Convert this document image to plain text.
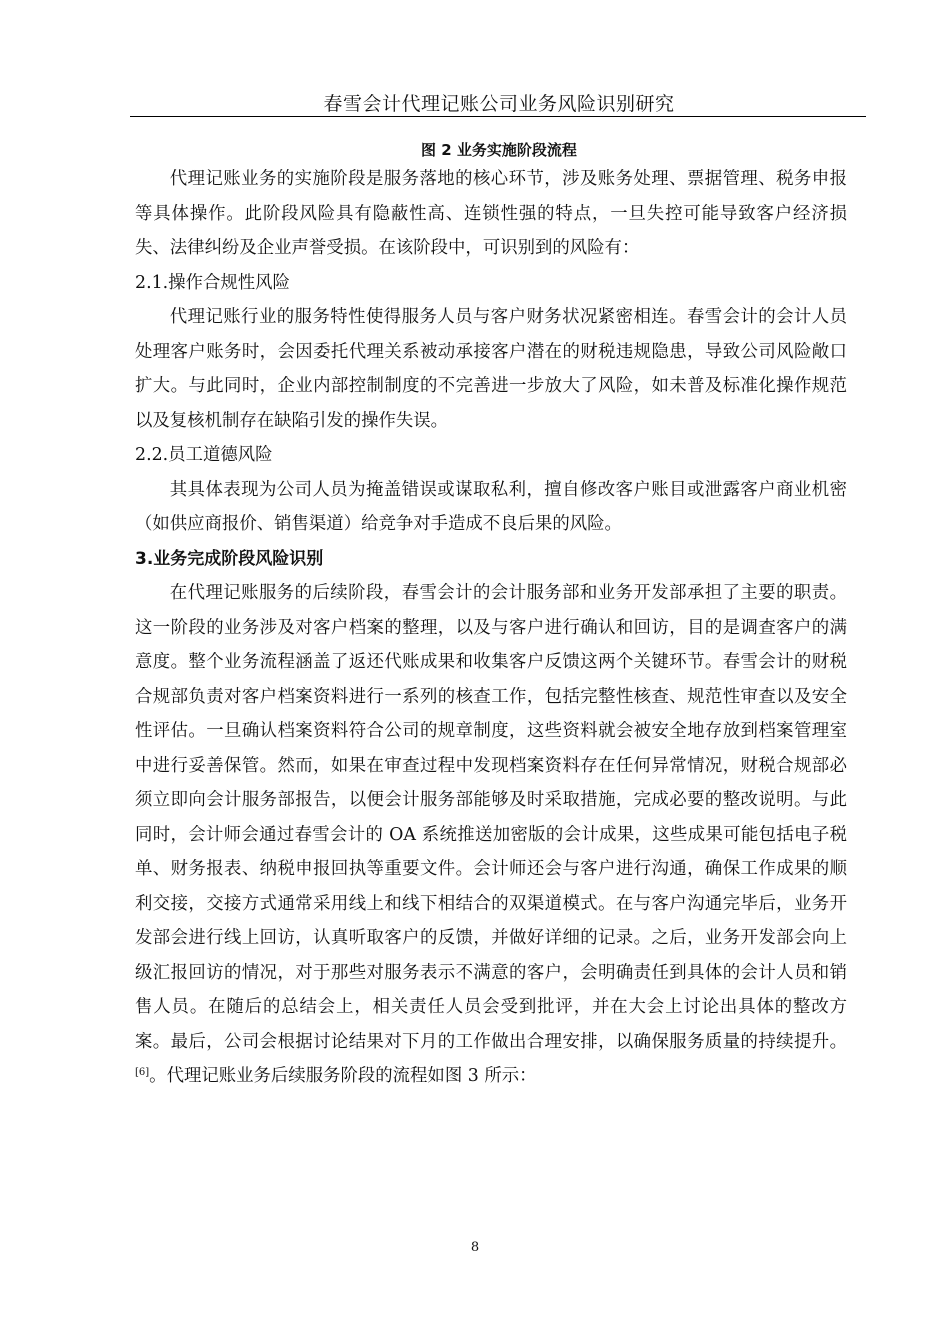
春雪会计代理记账公司业务风险识别研究
图 2 业务实施阶段流程

代理记账业务的实施阶段是服务落地的核心环节，涉及账务处理、票据管理、税务申报等具体操作。此阶段风险具有隐蔽性高、连锁性强的特点，一旦失控可能导致客户经济损失、法律纠纷及企业声誉受损。在该阶段中，可识别到的风险有：

2.1.操作合规性风险

代理记账行业的服务特性使得服务人员与客户财务状况紧密相连。春雪会计的会计人员处理客户账务时，会因委托代理关系被动承接客户潜在的财税违规隐患，导致公司风险敞口扩大。与此同时，企业内部控制制度的不完善进一步放大了风险，如未普及标准化操作规范以及复核机制存在缺陷引发的操作失误。

2.2.员工道德风险

其具体表现为公司人员为掩盖错误或谋取私利，擅自修改客户账目或泄露客户商业机密（如供应商报价、销售渠道）给竞争对手造成不良后果的风险。

3.业务完成阶段风险识别

在代理记账服务的后续阶段，春雪会计的会计服务部和业务开发部承担了主要的职责。这一阶段的业务涉及对客户档案的整理，以及与客户进行确认和回访，目的是调查客户的满意度。整个业务流程涵盖了返还代账成果和收集客户反馈这两个关键环节。春雪会计的财税合规部负责对客户档案资料进行一系列的核查工作，包括完整性核查、规范性审查以及安全性评估。一旦确认档案资料符合公司的规章制度，这些资料就会被安全地存放到档案管理室中进行妥善保管。然而，如果在审查过程中发现档案资料存在任何异常情况，财税合规部必须立即向会计服务部报告，以便会计服务部能够及时采取措施，完成必要的整改说明。与此同时，会计师会通过春雪会计的 OA 系统推送加密版的会计成果，这些成果可能包括电子税单、财务报表、纳税申报回执等重要文件。会计师还会与客户进行沟通，确保工作成果的顺利交接，交接方式通常采用线上和线下相结合的双渠道模式。在与客户沟通完毕后，业务开发部会进行线上回访，认真听取客户的反馈，并做好详细的记录。之后，业务开发部会向上级汇报回访的情况，对于那些对服务表示不满意的客户，会明确责任到具体的会计人员和销售人员。在随后的总结会上，相关责任人员会受到批评，并在大会上讨论出具体的整改方案。最后，公司会根据讨论结果对下月的工作做出合理安排，以确保服务质量的持续提升。[6]。代理记账业务后续服务阶段的流程如图 3 所示：

8
